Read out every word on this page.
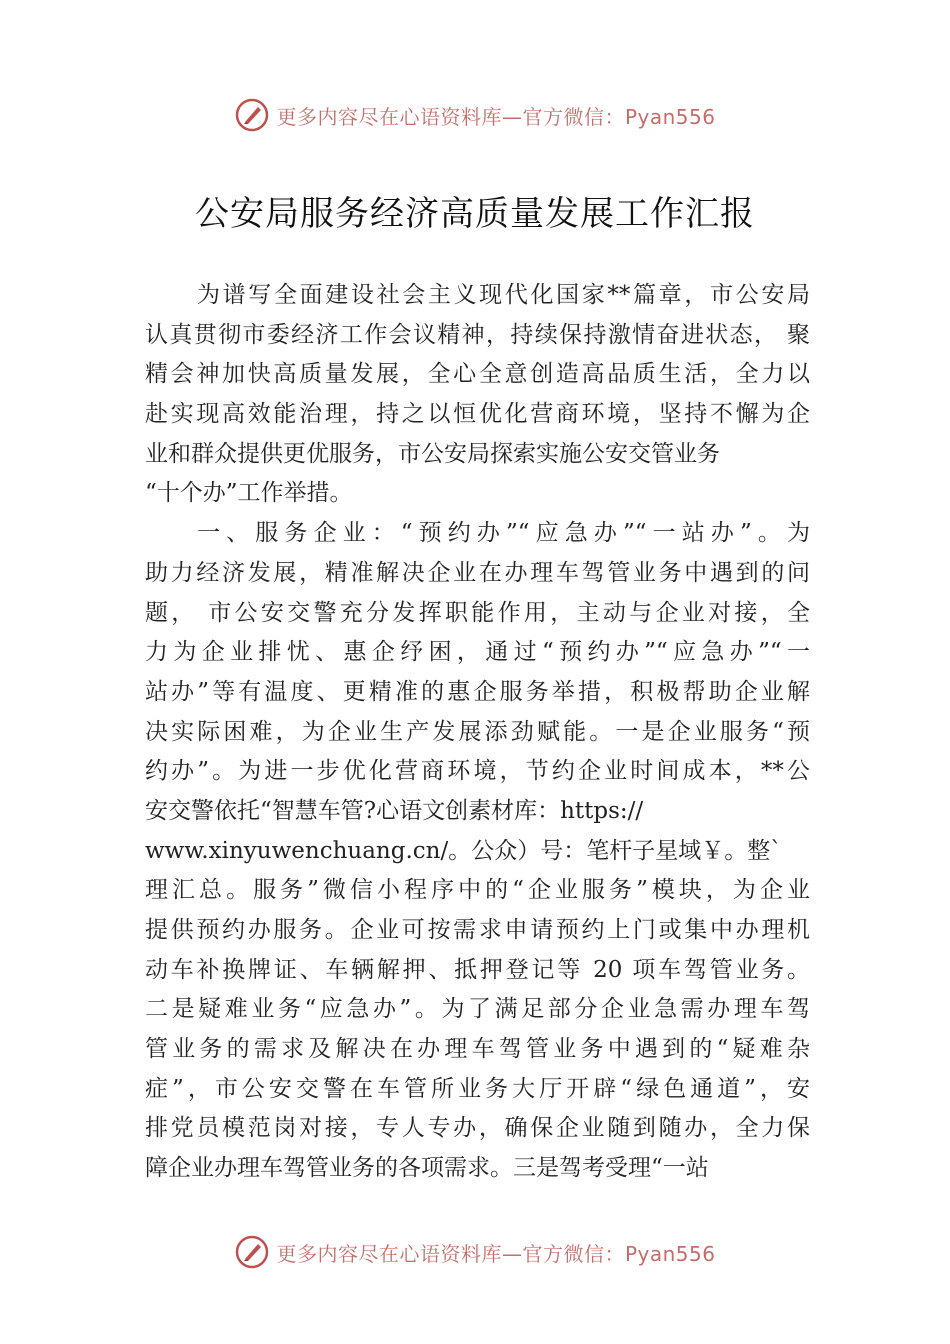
更多内容尽在心语资料库—官方微信：Pyan556
公安局服务经济高质量发展工作汇报
为谱写全面建设社会主义现代化国家**篇章，市公安局
认真贯彻市委经济工作会议精神，持续保持激情奋进状态， 聚
精会神加快高质量发展，全心全意创造高品质生活，全力以
赴实现高效能治理，持之以恒优化营商环境，坚持不懈为企
业和群众提供更优服务，市公安局探索实施公安交管业务
“十个办”工作举措。
一、服务企业：“预约办”“应急办”“一站办”。为
助力经济发展，精准解决企业在办理车驾管业务中遇到的问
题， 市公安交警充分发挥职能作用，主动与企业对接，全
力为企业排忧、惠企纾困，通过“预约办”“应急办”“一
站办”等有温度、更精准的惠企服务举措，积极帮助企业解
决实际困难，为企业生产发展添劲赋能。一是企业服务“预
约办”。为进一步优化营商环境，节约企业时间成本，**公
安交警依托“智慧车管?心语文创素材库：https://
www.xinyuwenchuang.cn/。公众）号：笔杆子星域￥。整`
理汇总。服务”微信小程序中的“企业服务”模块，为企业
提供预约办服务。企业可按需求申请预约上门或集中办理机
动车补换牌证、车辆解押、抵押登记等 20 项车驾管业务。
二是疑难业务“应急办”。为了满足部分企业急需办理车驾
管业务的需求及解决在办理车驾管业务中遇到的“疑难杂
症”，市公安交警在车管所业务大厅开辟“绿色通道”，安
排党员模范岗对接，专人专办，确保企业随到随办，全力保
障企业办理车驾管业务的各项需求。三是驾考受理“一站
更多内容尽在心语资料库—官方微信：Pyan556
